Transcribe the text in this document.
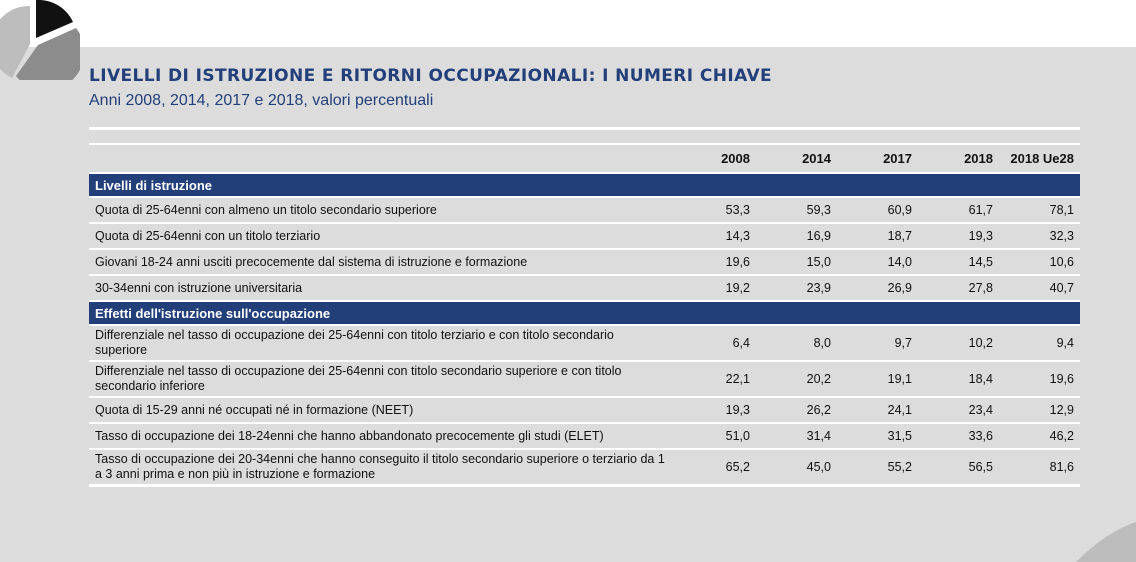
LIVELLI DI ISTRUZIONE E RITORNI OCCUPAZIONALI: I NUMERI CHIAVE

Anni 2008, 2014, 2017 e 2018, valori percentuali

	2008	2014	2017	2018	2018 Ue28
Livelli di istruzione					
Quota di 25-64enni con almeno un titolo secondario superiore	53,3	59,3	60,9	61,7	78,1
Quota di 25-64enni con un titolo terziario	14,3	16,9	18,7	19,3	32,3
Giovani 18-24 anni usciti precocemente dal sistema di istruzione e formazione	19,6	15,0	14,0	14,5	10,6
30-34enni con istruzione universitaria	19,2	23,9	26,9	27,8	40,7
Effetti dell'istruzione sull'occupazione					
Differenziale nel tasso di occupazione dei 25-64enni con titolo terziario e con titolo secondario superiore	6,4	8,0	9,7	10,2	9,4
Differenziale nel tasso di occupazione dei 25-64enni con titolo secondario superiore e con titolo secondario inferiore	22,1	20,2	19,1	18,4	19,6
Quota di 15-29 anni né occupati né in formazione (NEET)	19,3	26,2	24,1	23,4	12,9
Tasso di occupazione dei 18-24enni che hanno abbandonato precocemente gli studi (ELET)	51,0	31,4	31,5	33,6	46,2
Tasso di occupazione dei 20-34enni che hanno conseguito il titolo secondario superiore o terziario da 1 a 3 anni prima e non più in istruzione e formazione	65,2	45,0	55,2	56,5	81,6
